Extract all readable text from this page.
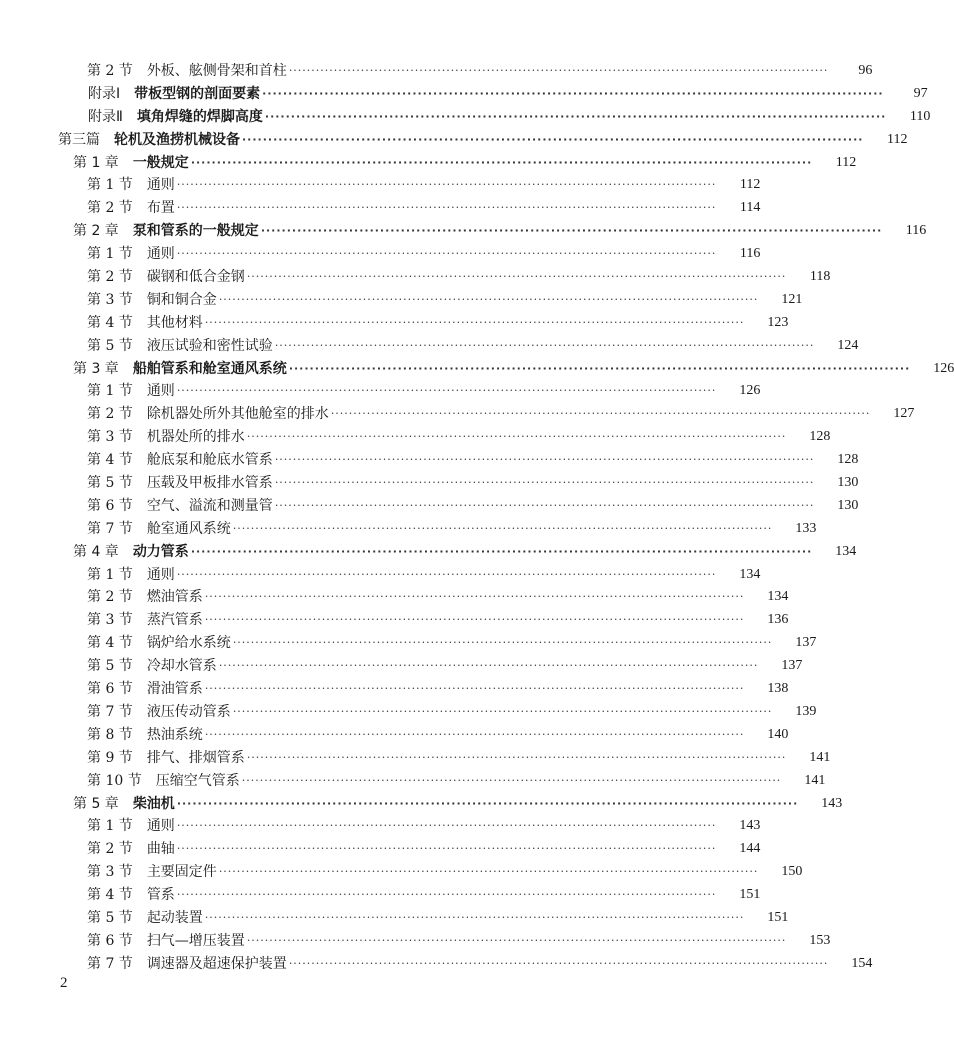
第 2 节 外板、舷侧骨架和首柱 ························································································································	96
附录Ⅰ 带板型钢的剖面要素 ························································································································	97
附录Ⅱ 填角焊缝的焊脚高度 ························································································································	110
第三篇 轮机及渔捞机械设备 ························································································································	112
第 1 章 一般规定 ························································································································	112
第 1 节 通则 ························································································································	112
第 2 节 布置 ························································································································	114
第 2 章 泵和管系的一般规定 ························································································································	116
第 1 节 通则 ························································································································	116
第 2 节 碳钢和低合金钢 ························································································································	118
第 3 节 铜和铜合金 ························································································································	121
第 4 节 其他材料 ························································································································	123
第 5 节 液压试验和密性试验 ························································································································	124
第 3 章 船舶管系和舱室通风系统 ························································································································	126
第 1 节 通则 ························································································································	126
第 2 节 除机器处所外其他舱室的排水 ························································································································	127
第 3 节 机器处所的排水 ························································································································	128
第 4 节 舱底泵和舱底水管系 ························································································································	128
第 5 节 压载及甲板排水管系 ························································································································	130
第 6 节 空气、溢流和测量管 ························································································································	130
第 7 节 舱室通风系统 ························································································································	133
第 4 章 动力管系 ························································································································	134
第 1 节 通则 ························································································································	134
第 2 节 燃油管系 ························································································································	134
第 3 节 蒸汽管系 ························································································································	136
第 4 节 锅炉给水系统 ························································································································	137
第 5 节 冷却水管系 ························································································································	137
第 6 节 滑油管系 ························································································································	138
第 7 节 液压传动管系 ························································································································	139
第 8 节 热油系统 ························································································································	140
第 9 节 排气、排烟管系 ························································································································	141
第 10 节 压缩空气管系 ························································································································	141
第 5 章 柴油机 ························································································································	143
第 1 节 通则 ························································································································	143
第 2 节 曲轴 ························································································································	144
第 3 节 主要固定件 ························································································································	150
第 4 节 管系 ························································································································	151
第 5 节 起动装置 ························································································································	151
第 6 节 扫气—增压装置 ························································································································	153
第 7 节 调速器及超速保护装置 ························································································································	154
2
